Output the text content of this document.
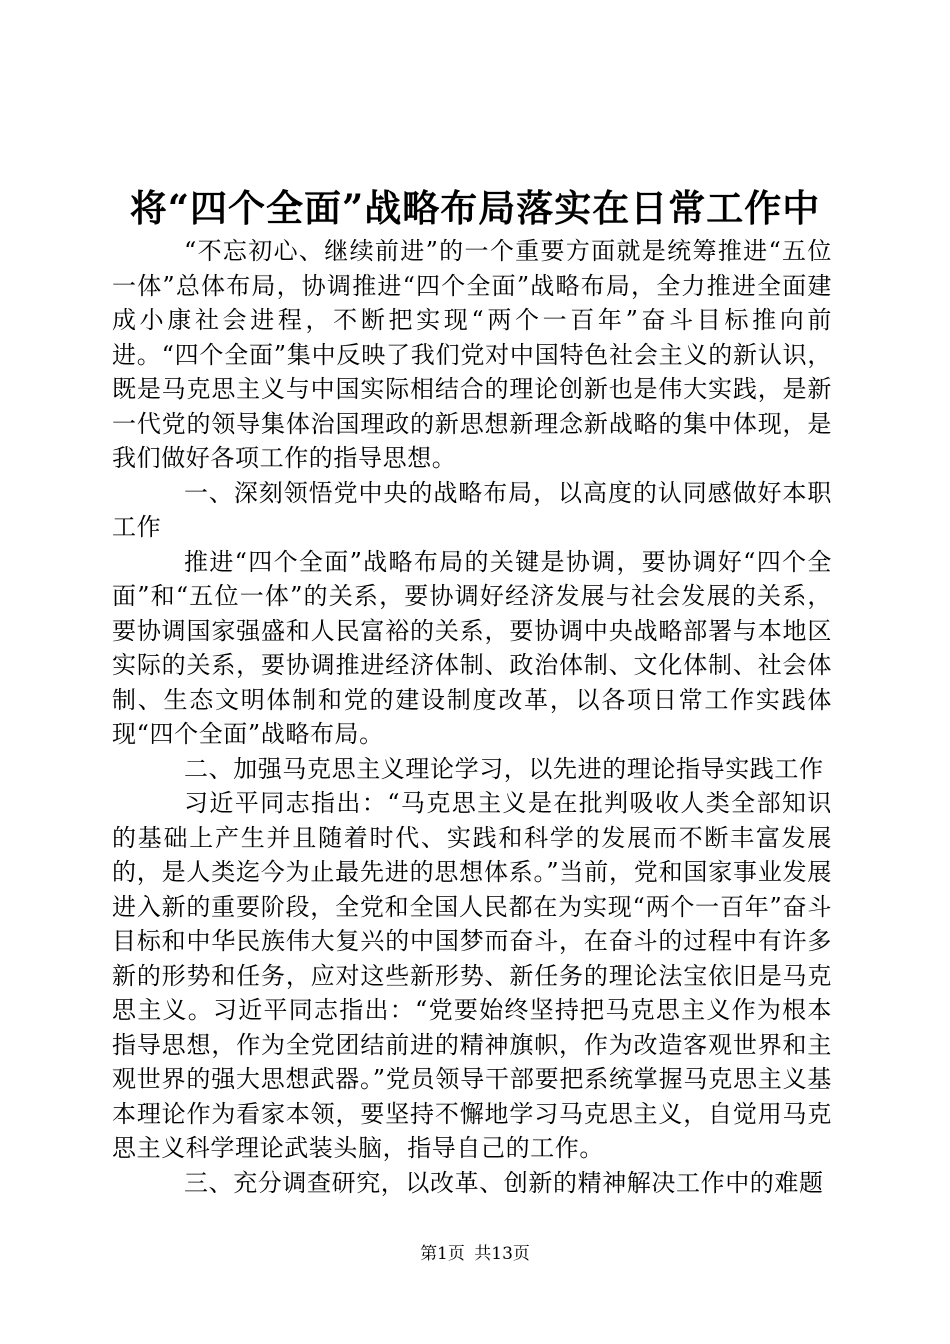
将“四个全面”战略布局落实在日常工作中

“不忘初心、继续前进”的一个重要方面就是统筹推进“五位一体”总体布局，协调推进“四个全面”战略布局，全力推进全面建成小康社会进程，不断把实现“两个一百年”奋斗目标推向前进。“四个全面”集中反映了我们党对中国特色社会主义的新认识，既是马克思主义与中国实际相结合的理论创新也是伟大实践，是新一代党的领导集体治国理政的新思想新理念新战略的集中体现，是我们做好各项工作的指导思想。

一、深刻领悟党中央的战略布局，以高度的认同感做好本职工作

推进“四个全面”战略布局的关键是协调，要协调好“四个全面”和“五位一体”的关系，要协调好经济发展与社会发展的关系，要协调国家强盛和人民富裕的关系，要协调中央战略部署与本地区实际的关系，要协调推进经济体制、政治体制、文化体制、社会体制、生态文明体制和党的建设制度改革，以各项日常工作实践体现“四个全面”战略布局。

二、加强马克思主义理论学习，以先进的理论指导实践工作

习近平同志指出：“马克思主义是在批判吸收人类全部知识的基础上产生并且随着时代、实践和科学的发展而不断丰富发展的，是人类迄今为止最先进的思想体系。”当前，党和国家事业发展进入新的重要阶段，全党和全国人民都在为实现“两个一百年”奋斗目标和中华民族伟大复兴的中国梦而奋斗，在奋斗的过程中有许多新的形势和任务，应对这些新形势、新任务的理论法宝依旧是马克思主义。习近平同志指出：“党要始终坚持把马克思主义作为根本指导思想，作为全党团结前进的精神旗帜，作为改造客观世界和主观世界的强大思想武器。”党员领导干部要把系统掌握马克思主义基本理论作为看家本领，要坚持不懈地学习马克思主义，自觉用马克思主义科学理论武装头脑，指导自己的工作。

三、充分调查研究，以改革、创新的精神解决工作中的难题

第1页 共13页
